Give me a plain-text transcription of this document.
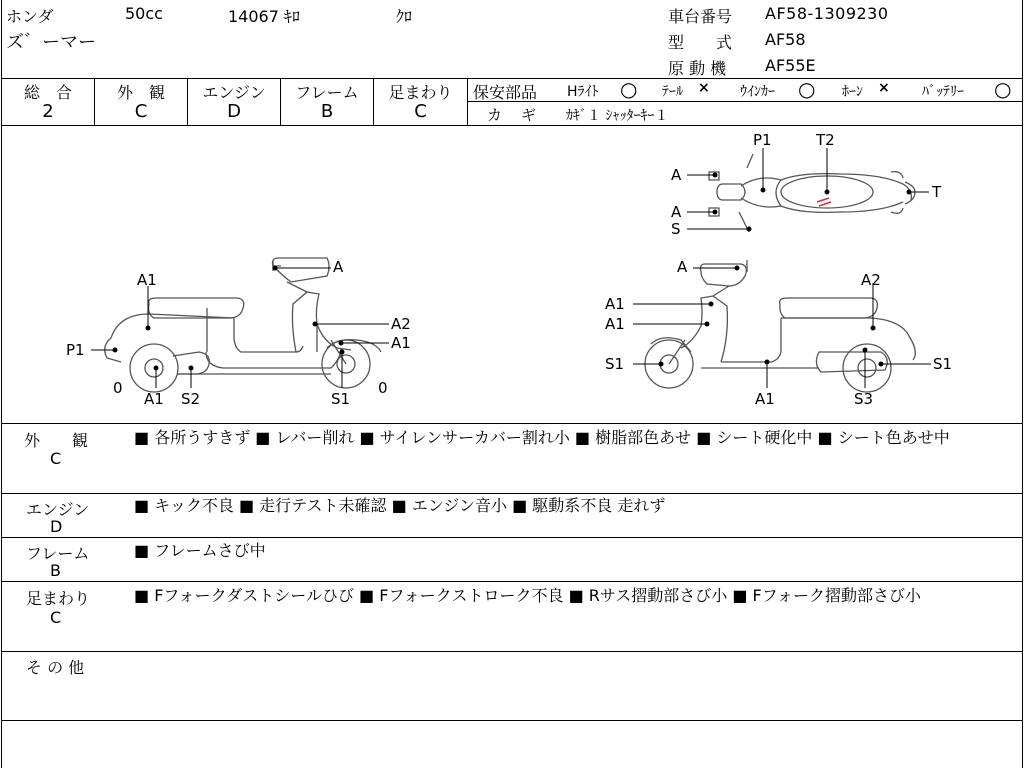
ホンダ	50cc	14067 ｷﾛ	ｸﾛ
ズ゛ーマー
車台番号 AF58-1309230
型　　式 AF58
原 動 機 AF55E
総　合
2
外　観
C
エンジン
D
フレーム
B
足まわり
C
保安部品 Hﾗｲﾄ ○ ﾃｰﾙ × ｳｲﾝｶｰ ○ ﾎｰﾝ × ﾊﾞｯﾃﾘｰ ○
カ　ギ ｶｷﾞ１ ｼｬｯﾀｰｷｰ１
A1
A
A2
A1
P1
0
A1 S2	S1
0
A
A2
A1
A1
S1	S1
A1	S3
P1	T2
A
T
A
S
外　　観
C
■ 各所うすきず ■ レバー削れ ■ サイレンサーカバー割れ小 ■ 樹脂部色あせ ■ シート硬化中 ■ シート色あせ中
エンジン
D
■ キック不良 ■ 走行テスト未確認 ■ エンジン音小 ■ 駆動系不良 走れず
フレーム
B
■ フレームさび中
足まわり
C
■ Fフォークダストシールひび ■ Fフォークストローク不良 ■ Rサス摺動部さび小 ■ Fフォーク摺動部さび小
そ の 他
